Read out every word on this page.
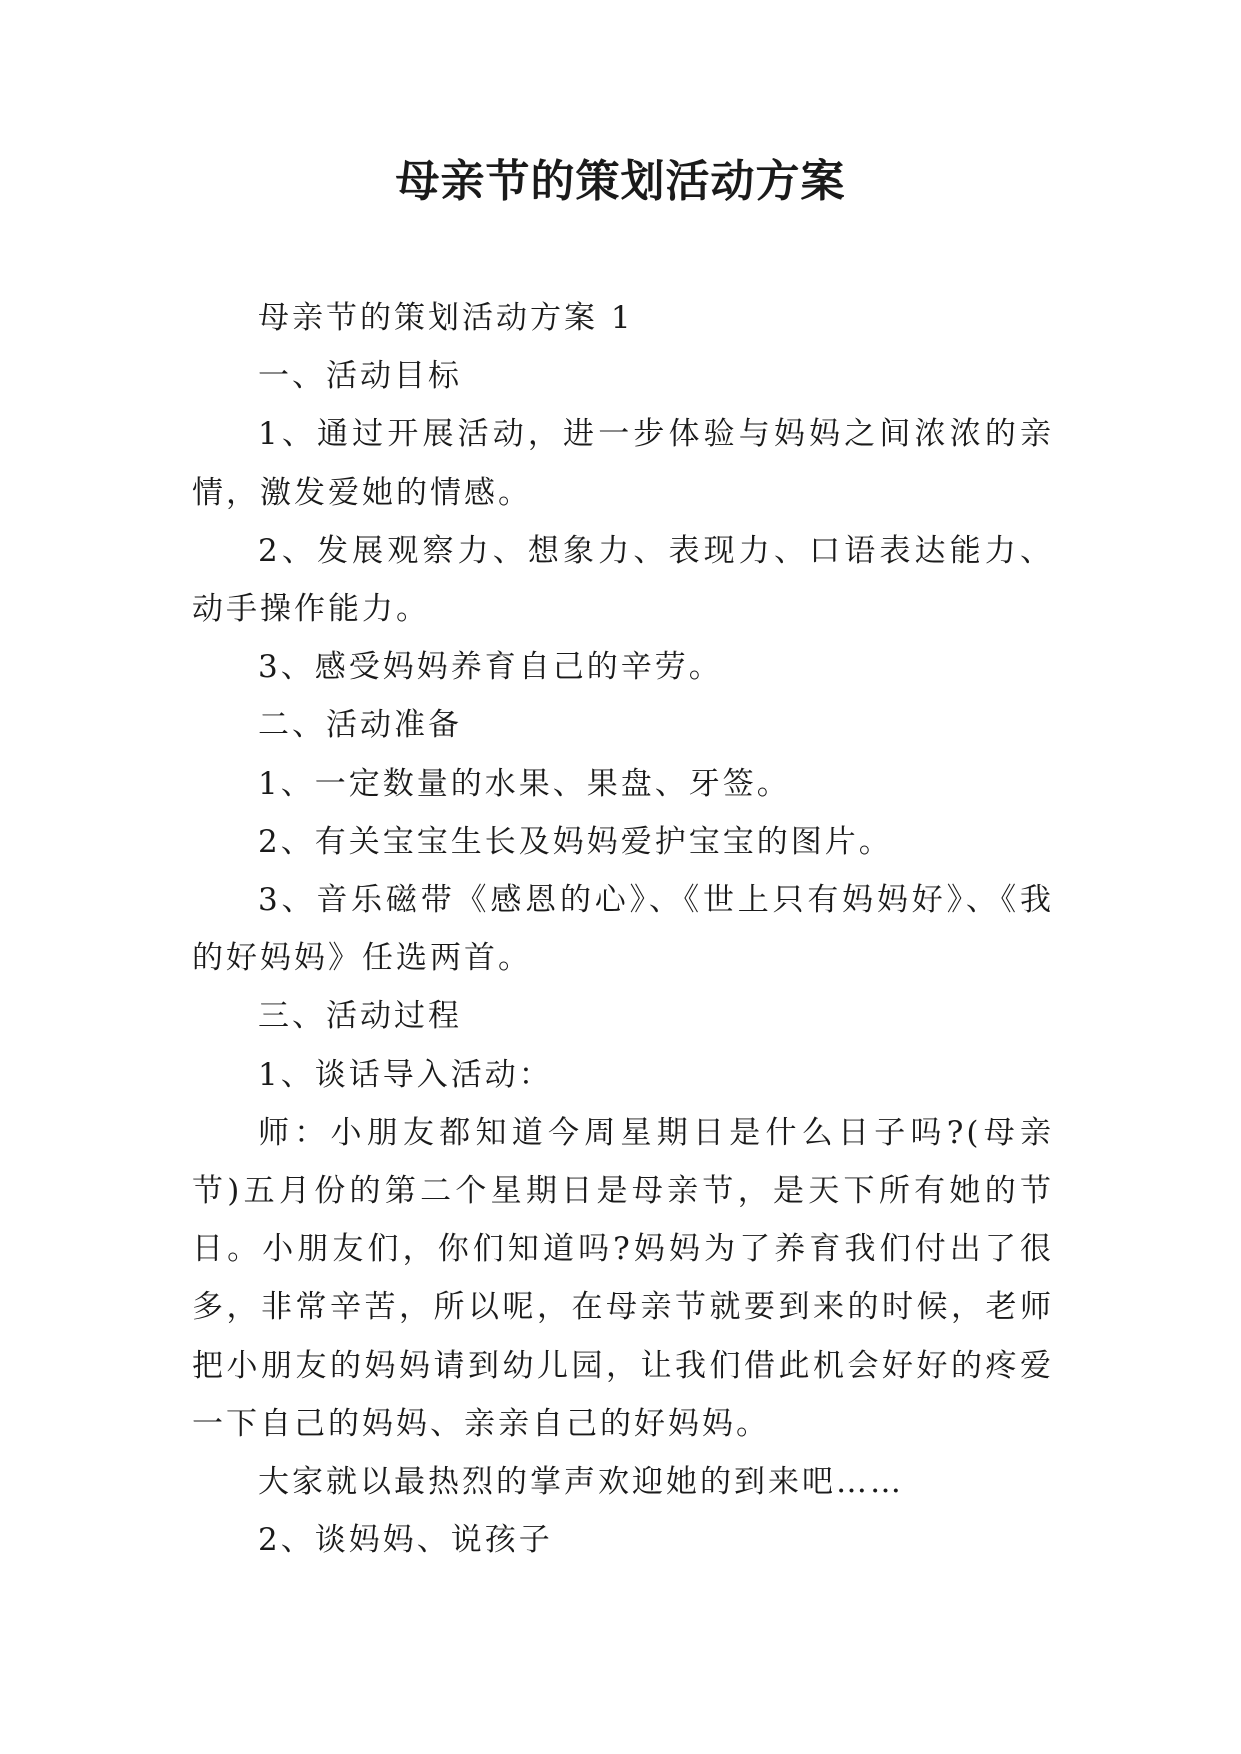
母亲节的策划活动方案

母亲节的策划活动方案 1

一、活动目标

1、通过开展活动，进一步体验与妈妈之间浓浓的亲情，激发爱她的情感。

2、发展观察力、想象力、表现力、口语表达能力、动手操作能力。

3、感受妈妈养育自己的辛劳。

二、活动准备

1、一定数量的水果、果盘、牙签。

2、有关宝宝生长及妈妈爱护宝宝的图片。

3、音乐磁带《感恩的心》、《世上只有妈妈好》、《我的好妈妈》任选两首。

三、活动过程

1、谈话导入活动：

师：小朋友都知道今周星期日是什么日子吗?(母亲节)五月份的第二个星期日是母亲节，是天下所有她的节日。小朋友们，你们知道吗?妈妈为了养育我们付出了很多，非常辛苦，所以呢，在母亲节就要到来的时候，老师把小朋友的妈妈请到幼儿园，让我们借此机会好好的疼爱一下自己的妈妈、亲亲自己的好妈妈。

大家就以最热烈的掌声欢迎她的到来吧……

2、谈妈妈、说孩子
